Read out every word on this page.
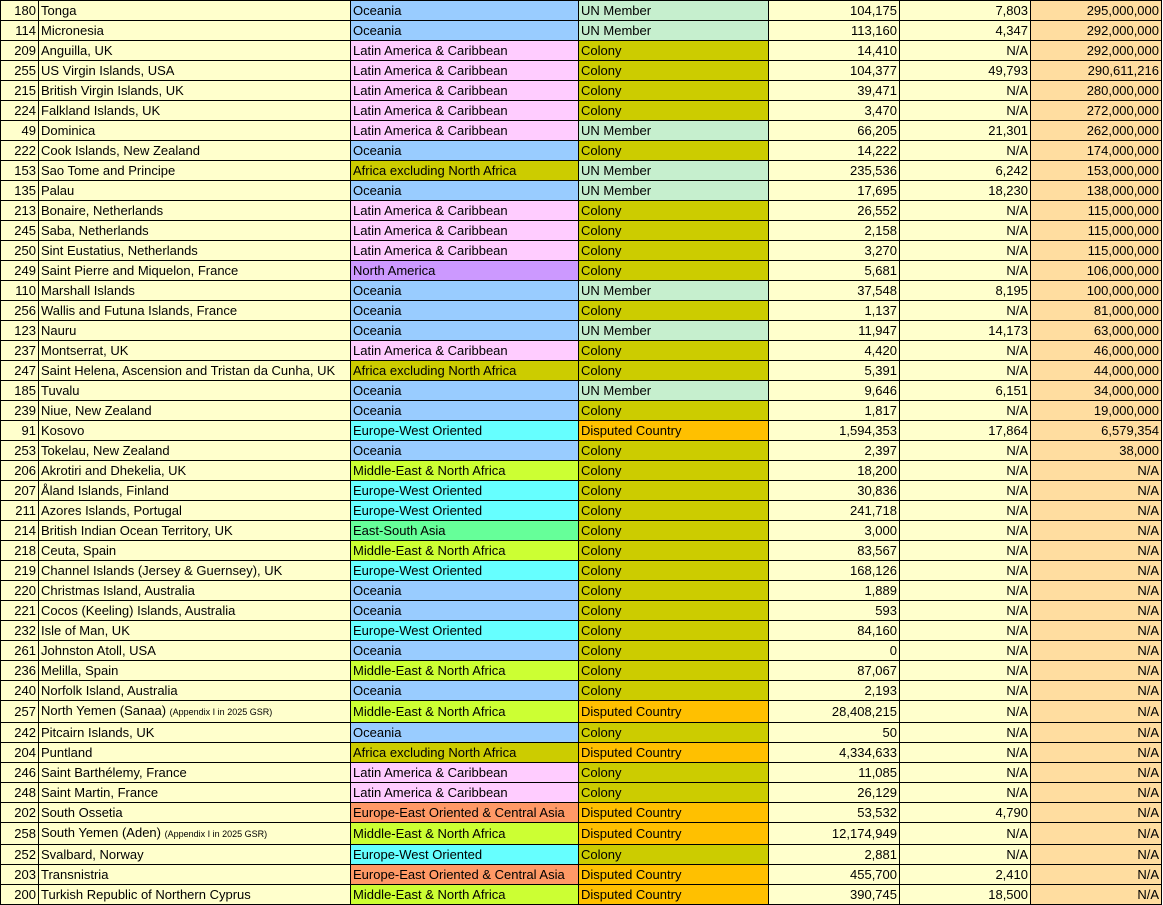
180	Tonga	Oceania	UN Member	104,175	7,803	295,000,000
114	Micronesia	Oceania	UN Member	113,160	4,347	292,000,000
209	Anguilla, UK	Latin America & Caribbean	Colony	14,410	N/A	292,000,000
255	US Virgin Islands, USA	Latin America & Caribbean	Colony	104,377	49,793	290,611,216
215	British Virgin Islands, UK	Latin America & Caribbean	Colony	39,471	N/A	280,000,000
224	Falkland Islands, UK	Latin America & Caribbean	Colony	3,470	N/A	272,000,000
49	Dominica	Latin America & Caribbean	UN Member	66,205	21,301	262,000,000
222	Cook Islands, New Zealand	Oceania	Colony	14,222	N/A	174,000,000
153	Sao Tome and Principe	Africa excluding North Africa	UN Member	235,536	6,242	153,000,000
135	Palau	Oceania	UN Member	17,695	18,230	138,000,000
213	Bonaire, Netherlands	Latin America & Caribbean	Colony	26,552	N/A	115,000,000
245	Saba, Netherlands	Latin America & Caribbean	Colony	2,158	N/A	115,000,000
250	Sint Eustatius, Netherlands	Latin America & Caribbean	Colony	3,270	N/A	115,000,000
249	Saint Pierre and Miquelon, France	North America	Colony	5,681	N/A	106,000,000
110	Marshall Islands	Oceania	UN Member	37,548	8,195	100,000,000
256	Wallis and Futuna Islands, France	Oceania	Colony	1,137	N/A	81,000,000
123	Nauru	Oceania	UN Member	11,947	14,173	63,000,000
237	Montserrat, UK	Latin America & Caribbean	Colony	4,420	N/A	46,000,000
247	Saint Helena, Ascension and Tristan da Cunha, UK	Africa excluding North Africa	Colony	5,391	N/A	44,000,000
185	Tuvalu	Oceania	UN Member	9,646	6,151	34,000,000
239	Niue, New Zealand	Oceania	Colony	1,817	N/A	19,000,000
91	Kosovo	Europe-West Oriented	Disputed Country	1,594,353	17,864	6,579,354
253	Tokelau, New Zealand	Oceania	Colony	2,397	N/A	38,000
206	Akrotiri and Dhekelia, UK	Middle-East & North Africa	Colony	18,200	N/A	N/A
207	Åland Islands, Finland	Europe-West Oriented	Colony	30,836	N/A	N/A
211	Azores Islands, Portugal	Europe-West Oriented	Colony	241,718	N/A	N/A
214	British Indian Ocean Territory, UK	East-South Asia	Colony	3,000	N/A	N/A
218	Ceuta, Spain	Middle-East & North Africa	Colony	83,567	N/A	N/A
219	Channel Islands (Jersey & Guernsey), UK	Europe-West Oriented	Colony	168,126	N/A	N/A
220	Christmas Island, Australia	Oceania	Colony	1,889	N/A	N/A
221	Cocos (Keeling) Islands, Australia	Oceania	Colony	593	N/A	N/A
232	Isle of Man, UK	Europe-West Oriented	Colony	84,160	N/A	N/A
261	Johnston Atoll, USA	Oceania	Colony	0	N/A	N/A
236	Melilla, Spain	Middle-East & North Africa	Colony	87,067	N/A	N/A
240	Norfolk Island, Australia	Oceania	Colony	2,193	N/A	N/A
257	North Yemen (Sanaa) (Appendix I in 2025 GSR)	Middle-East & North Africa	Disputed Country	28,408,215	N/A	N/A
242	Pitcairn Islands, UK	Oceania	Colony	50	N/A	N/A
204	Puntland	Africa excluding North Africa	Disputed Country	4,334,633	N/A	N/A
246	Saint Barthélemy, France	Latin America & Caribbean	Colony	11,085	N/A	N/A
248	Saint Martin, France	Latin America & Caribbean	Colony	26,129	N/A	N/A
202	South Ossetia	Europe-East Oriented & Central Asia	Disputed Country	53,532	4,790	N/A
258	South Yemen (Aden) (Appendix I in 2025 GSR)	Middle-East & North Africa	Disputed Country	12,174,949	N/A	N/A
252	Svalbard, Norway	Europe-West Oriented	Colony	2,881	N/A	N/A
203	Transnistria	Europe-East Oriented & Central Asia	Disputed Country	455,700	2,410	N/A
200	Turkish Republic of Northern Cyprus	Middle-East & North Africa	Disputed Country	390,745	18,500	N/A
